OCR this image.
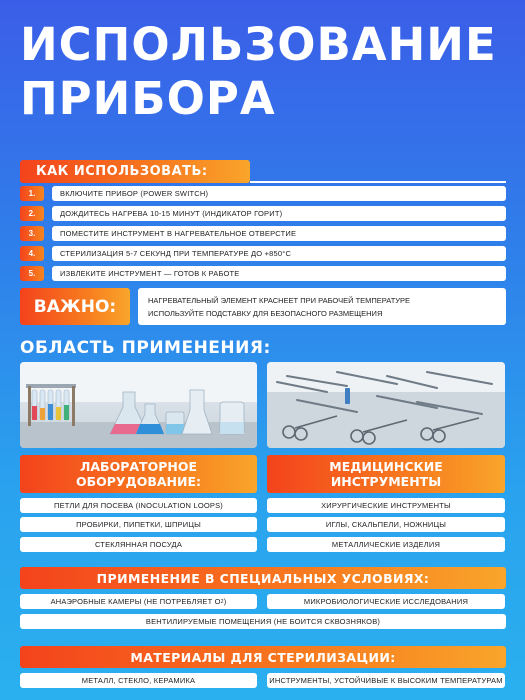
ИСПОЛЬЗОВАНИЕ
ПРИБОРА
КАК ИСПОЛЬЗОВАТЬ:
1.	ВКЛЮЧИТЕ ПРИБОР (POWER SWITCH)
2.	ДОЖДИТЕСЬ НАГРЕВА 10-15 МИНУТ (ИНДИКАТОР ГОРИТ)
3.	ПОМЕСТИТЕ ИНСТРУМЕНТ В НАГРЕВАТЕЛЬНОЕ ОТВЕРСТИЕ
4.	СТЕРИЛИЗАЦИЯ 5-7 СЕКУНД ПРИ ТЕМПЕРАТУРЕ ДО +850°С
5.	ИЗВЛЕКИТЕ ИНСТРУМЕНТ — ГОТОВ К РАБОТЕ
ВАЖНО:	НАГРЕВАТЕЛЬНЫЙ ЭЛЕМЕНТ КРАСНЕЕТ ПРИ РАБОЧЕЙ ТЕМПЕРАТУРЕ
ИСПОЛЬЗУЙТЕ ПОДСТАВКУ ДЛЯ БЕЗОПАСНОГО РАЗМЕЩЕНИЯ
ОБЛАСТЬ ПРИМЕНЕНИЯ:
ЛАБОРАТОРНОЕ
ОБОРУДОВАНИЕ:
МЕДИЦИНСКИЕ
ИНСТРУМЕНТЫ
ПЕТЛИ ДЛЯ ПОСЕВА (INOCULATION LOOPS)
ПРОБИРКИ, ПИПЕТКИ, ШПРИЦЫ
СТЕКЛЯННАЯ ПОСУДА
ХИРУРГИЧЕСКИЕ ИНСТРУМЕНТЫ
ИГЛЫ, СКАЛЬПЕЛИ, НОЖНИЦЫ
МЕТАЛЛИЧЕСКИЕ ИЗДЕЛИЯ
ПРИМЕНЕНИЕ В СПЕЦИАЛЬНЫХ УСЛОВИЯХ:
АНАЭРОБНЫЕ КАМЕРЫ (НЕ ПОТРЕБЛЯЕТ О 2 )	МИКРОБИОЛОГИЧЕСКИЕ ИССЛЕДОВАНИЯ
ВЕНТИЛИРУЕМЫЕ ПОМЕЩЕНИЯ (НЕ БОИТСЯ СКВОЗНЯКОВ)
МАТЕРИАЛЫ ДЛЯ СТЕРИЛИЗАЦИИ:
МЕТАЛЛ, СТЕКЛО, КЕРАМИКА	ИНСТРУМЕНТЫ, УСТОЙЧИВЫЕ К ВЫСОКИМ ТЕМПЕРАТУРАМ
